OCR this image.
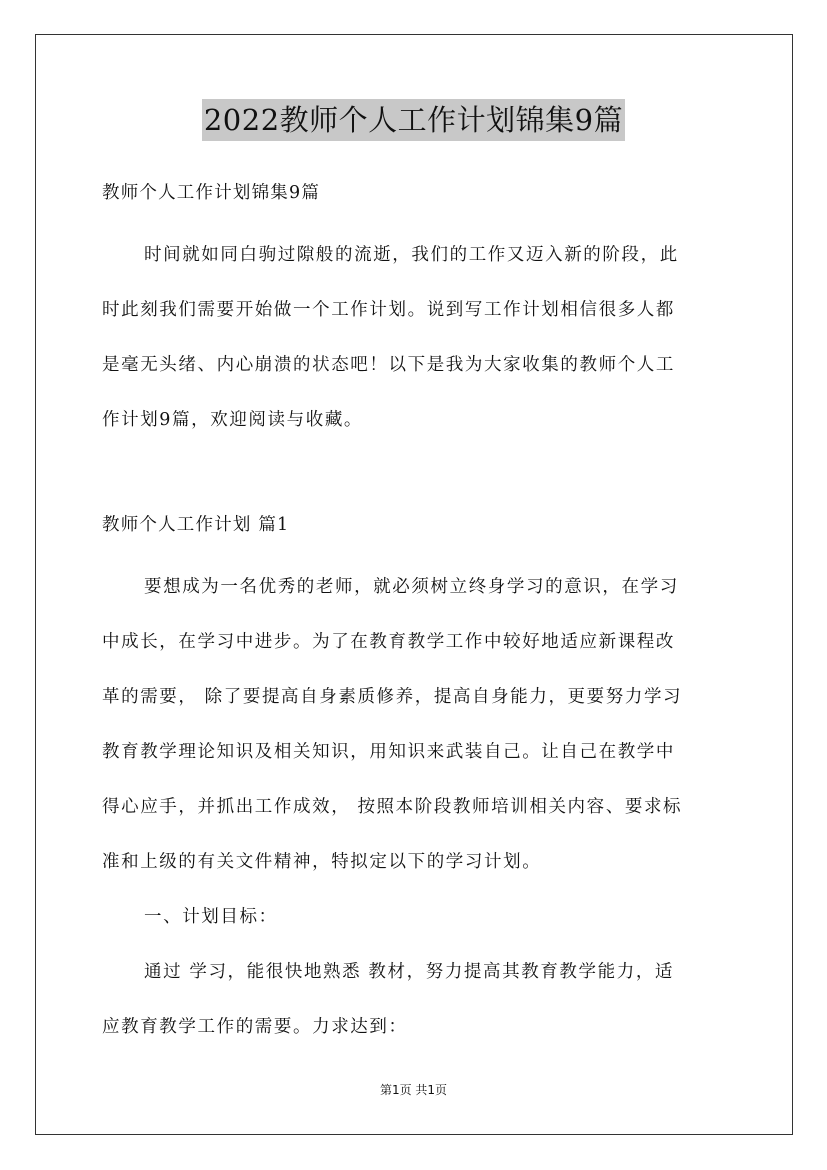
2022教师个人工作计划锦集9篇
教师个人工作计划锦集9篇
时间就如同白驹过隙般的流逝，我们的工作又迈入新的阶段，此
时此刻我们需要开始做一个工作计划。说到写工作计划相信很多人都
是毫无头绪、内心崩溃的状态吧！以下是我为大家收集的教师个人工
作计划9篇，欢迎阅读与收藏。
教师个人工作计划 篇1
要想成为一名优秀的老师，就必须树立终身学习的意识，在学习
中成长，在学习中进步。为了在教育教学工作中较好地适应新课程改
革的需要， 除了要提高自身素质修养，提高自身能力，更要努力学习
教育教学理论知识及相关知识，用知识来武装自己。让自己在教学中
得心应手，并抓出工作成效， 按照本阶段教师培训相关内容、要求标
准和上级的有关文件精神，特拟定以下的学习计划。
一、计划目标：
通过 学习，能很快地熟悉 教材，努力提高其教育教学能力，适
应教育教学工作的需要。力求达到：
第1页 共1页
